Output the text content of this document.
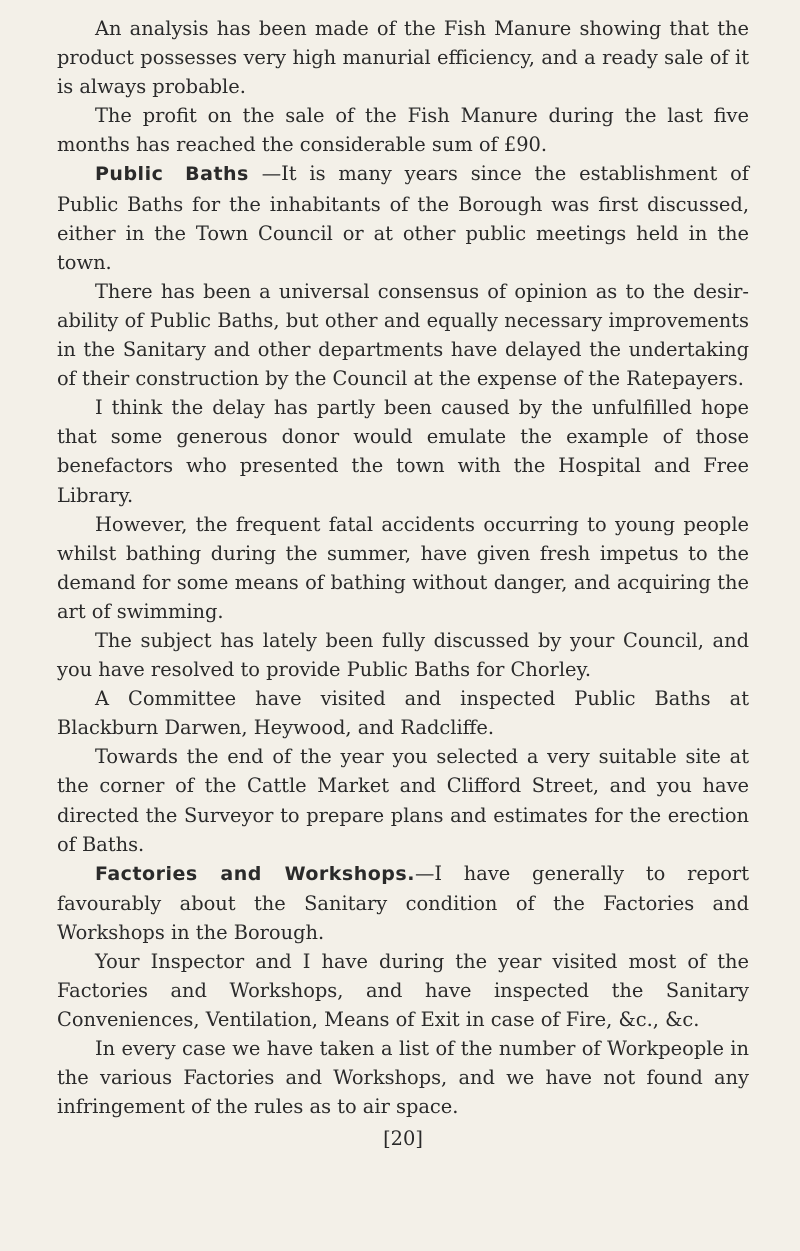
An analysis has been made of the Fish Manure showing that the product possesses very high manurial efficiency, and a ready sale of it is always probable.

The profit on the sale of the Fish Manure during the last five months has reached the considerable sum of £90.

Public Baths —It is many years since the establishment of Public Baths for the inhabitants of the Borough was first discussed, either in the Town Council or at other public meetings held in the town.

There has been a universal consensus of opinion as to the desir-ability of Public Baths, but other and equally necessary improvements in the Sanitary and other departments have delayed the undertaking of their construction by the Council at the expense of the Ratepayers.

I think the delay has partly been caused by the unfulfilled hope that some generous donor would emulate the example of those benefactors who presented the town with the Hospital and Free Library.

However, the frequent fatal accidents occurring to young people whilst bathing during the summer, have given fresh impetus to the demand for some means of bathing without danger, and acquiring the art of swimming.

The subject has lately been fully discussed by your Council, and you have resolved to provide Public Baths for Chorley.

A Committee have visited and inspected Public Baths at Blackburn Darwen, Heywood, and Radcliffe.

Towards the end of the year you selected a very suitable site at the corner of the Cattle Market and Clifford Street, and you have directed the Surveyor to prepare plans and estimates for the erection of Baths.

Factories and Workshops.—I have generally to report favourably about the Sanitary condition of the Factories and Workshops in the Borough.

Your Inspector and I have during the year visited most of the Factories and Workshops, and have inspected the Sanitary Conveniences, Ventilation, Means of Exit in case of Fire, &c., &c.

In every case we have taken a list of the number of Workpeople in the various Factories and Workshops, and we have not found any infringement of the rules as to air space.

[20]
